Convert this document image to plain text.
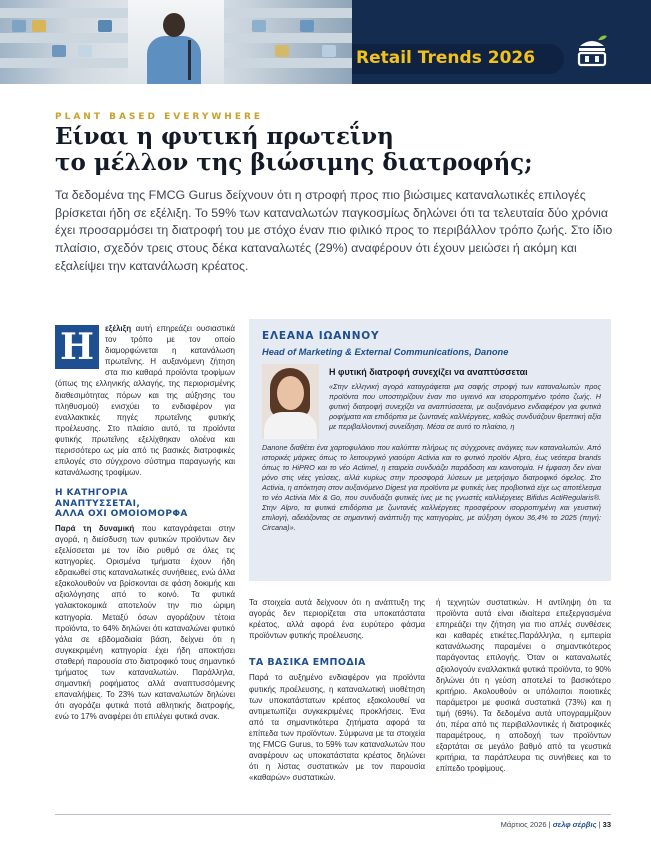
Retail Trends 2026
PLANT BASED EVERYWHERE
Είναι η φυτική πρωτεΐνη
το μέλλον της βιώσιμης διατροφής;

Τα δεδομένα της FMCG Gurus δείχνουν ότι η στροφή προς πιο βιώσιμες καταναλωτικές επιλογές βρίσκεται ήδη σε εξέλιξη. Το 59% των καταναλωτών παγκοσμίως δηλώνει ότι τα τελευταία δύο χρόνια έχει προσαρμόσει τη διατροφή του με στόχο έναν πιο φιλικό προς το περιβάλλον τρόπο ζωής. Στο ίδιο πλαίσιο, σχεδόν τρεις στους δέκα καταναλωτές (29%) αναφέρουν ότι έχουν μειώσει ή ακόμη και εξαλείψει την κατανάλωση κρέατος.

Η	εξέλιξη αυτή επηρεάζει ουσιαστικά τον τρόπο με τον οποίο διαμορφώνεται η κατανάλωση πρωτεΐνης. Η αυξανόμενη ζήτηση στα πιο καθαρά προϊόντα τροφίμων (όπως της ελληνικής αλλαγής, της περιορισμένης διαθεσιμότητας πόρων και της αύξησης του πληθυσμού) ενισχύει το ενδιαφέρον για εναλλακτικές πηγές πρωτεΐνης φυτικής προέλευσης. Στο πλαίσιο αυτό, τα προϊόντα φυτικής πρωτεΐνης εξελίχθηκαν ολοένα και περισσότερο ως μία από τις βασικές διατροφικές επιλογές στο σύγχρονο σύστημα παραγωγής και κατανάλωσης τροφίμων.

Η ΚΑΤΗΓΟΡΙΑ
ΑΝΑΠΤΥΣΣΕΤΑΙ,
ΑΛΛΑ ΟΧΙ ΟΜΟΙΟΜΟΡΦΑ

Παρά τη δυναμική που καταγράφεται στην αγορά, η διείσδυση των φυτικών προϊόντων δεν εξελίσσεται με τον ίδιο ρυθμό σε όλες τις κατηγορίες. Ορισμένα τμήματα έχουν ήδη εδραιωθεί στις καταναλωτικές συνήθειες, ενώ άλλα εξακολουθούν να βρίσκονται σε φάση δοκιμής και αξιολόγησης από το κοινό. Τα φυτικά γαλακτοκομικά αποτελούν την πιο ώριμη κατηγορία. Μεταξύ όσων αγοράζουν τέτοια προϊόντα, το 64% δηλώνει ότι καταναλώνει φυτικό γάλα σε εβδομαδιαία βάση, δείχνει ότι η συγκεκριμένη κατηγορία έχει ήδη αποκτήσει σταθερή παρουσία στο διατροφικό τους σημαντικό τμήματος των καταναλωτών. Παράλληλα, σημαντική ροφήματος αλλά αναπτυσσόμενης επαναλήψεις. Το 23% των καταναλωτών δηλώνει ότι αγοράζει φυτικά ποτά αθλητικής διατροφής, ενώ το 17% αναφέρει ότι επιλέγει φυτικά σνακ.

ΕΛΕΑΝΑ ΙΩΑΝΝΟΥ
Head of Marketing & External Communications, Danone
Η φυτική διατροφή συνεχίζει να αναπτύσσεται

«Στην ελληνική αγορά καταγράφεται μια σαφής στροφή των καταναλωτών προς προϊόντα που υποστηρίζουν έναν πιο υγιεινό και ισορροπημένο τρόπο ζωής. Η φυτική διατροφή συνεχίζει να αναπτύσσεται, με αυξανόμενο ενδιαφέρον για φυτικά ροφήματα και επιδόρπια με ζωντανές καλλιέργειες, καθώς συνδυάζουν θρεπτική αξία με περιβαλλοντική συνείδηση. Μέσα σε αυτό το πλαίσιο, η

Danone διαθέτει ένα χαρτοφυλάκιο που καλύπτει πλήρως τις σύγχρονες ανάγκες των καταναλωτών. Από ιστορικές μάρκες όπως το λειτουργικό γιαούρτι Activia και το φυτικό προϊόν Alpro, έως νεότερα brands όπως το HiPRO και το νέο Actimel, η εταιρεία συνδυάζει παράδοση και καινοτομία. Η έμφαση δεν είναι μόνο στις νέες γεύσεις, αλλά κυρίως στην προσφορά λύσεων με μετρήσιμο διατροφικό όφελος. Στο Activia, η απόκτηση στον αυξανόμενο Digest για προϊόντα με φυτικές ίνες προβιοτικά είχε ως αποτέλεσμα το νέο Activia Mix & Go, που συνδυάζει φυτικές ίνες με τις γνωστές καλλιέργειες Bifidus ActiRegularis®. Στην Alpro, τα φυτικά επιδόρπια με ζωντανές καλλιέργειες προσφέρουν ισορροπημένη και γευστική επιλογή, αδειάζοντας σε σημαντική ανάπτυξη της κατηγορίας, με αύξηση όγκου 36,4% το 2025 (πηγή: Circana)».

Τα στοιχεία αυτά δείχνουν ότι η ανάπτυξη της αγοράς δεν περιορίζεται στα υποκατάστατα κρέατος, αλλά αφορά ένα ευρύτερο φάσμα προϊόντων φυτικής προέλευσης.

ΤΑ ΒΑΣΙΚΑ ΕΜΠΟΔΙΑ

Παρά το αυξημένο ενδιαφέρον για προϊόντα φυτικής προέλευσης, η καταναλωτική υιοθέτηση των υποκατάστατων κρέατος εξακολουθεί να αντιμετωπίζει συγκεκριμένες προκλήσεις. Ένα από τα σημαντικότερα ζητήματα αφορά τα επίπεδα των προϊόντων. Σύμφωνα με τα στοιχεία της FMCG Gurus, το 59% των καταναλωτών που αναφέρουν ως υποκατάστατα κρέατος δηλώνει ότι η λίστας συστατικών με τον παρουσία «καθαρών» συστατικών.

ή τεχνητών συστατικών. Η αντίληψη ότι τα προϊόντα αυτά είναι ιδιαίτερα επεξεργασμένα επηρεάζει την ζήτηση για πιο απλές συνθέσεις και καθαρές ετικέτες.Παράλληλα, η εμπειρία κατανάλωσης παραμένει ο σημαντικότερος παράγοντας επιλογής. Όταν οι καταναλωτές αξιολογούν εναλλακτικά φυτικά προϊόντα, το 90% δηλώνει ότι η γεύση αποτελεί το βασικότερο κριτήριο. Ακολουθούν οι υπόλοιποι ποιοτικές παράμετροι με φυσικά συστατικά (73%) και η τιμή (69%). Τα δεδομένα αυτά υπογραμμίζουν ότι, πέρα από τις περιβαλλοντικές ή διατροφικές παραμέτρους, η αποδοχή των προϊόντων εξαρτάται σε μεγάλο βαθμό από τα γευστικά κριτήρια, τα παράπλευρα τις συνήθειες και το επίπεδο τροφίμους.

Μάρτιος 2026 | σελφ σέρβις | 33
